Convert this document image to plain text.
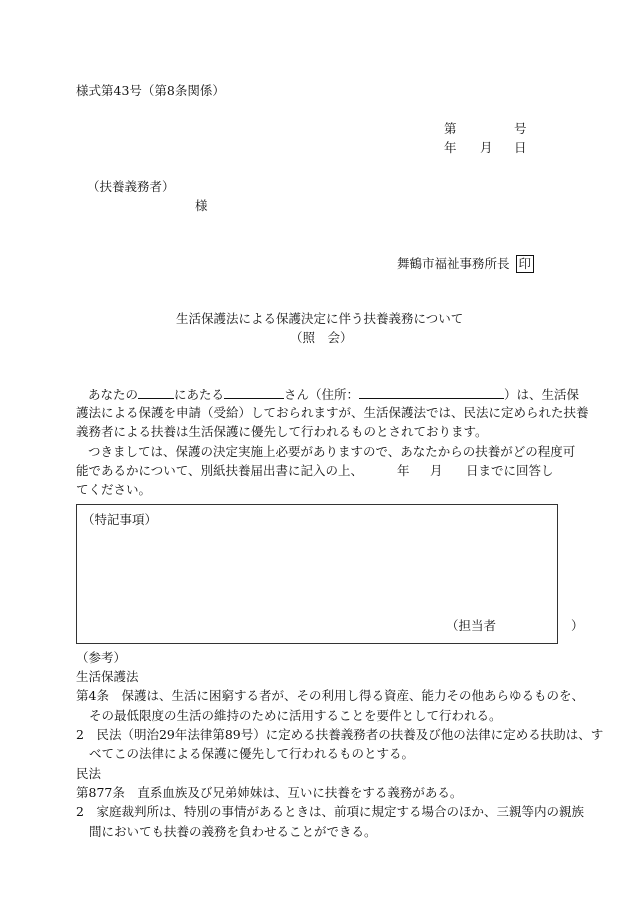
様式第43号（第8条関係）
第	号
年 月 日
（扶養義務者）
様
舞鶴市福祉事務所長 印
生活保護法による保護決定に伴う扶養義務について
（照　会）
あなたの	にあたる	さん（住所：	）は、生活保
護法による保護を申請（受給）しておられますが、生活保護法では、民法に定められた扶養
義務者による扶養は生活保護に優先して行われるものとされております。
つきましては、保護の決定実施上必要がありますので、あなたからの扶養がどの程度可
能であるかについて、別紙扶養届出書に記入の上、	年 月 日までに回答し
てください。
（特記事項）
（担当者　　　　　　）
（参考）
生活保護法
第4条　保護は、生活に困窮する者が、その利用し得る資産、能力その他あらゆるものを、
その最低限度の生活の維持のために活用することを要件として行われる。
2　民法（明治29年法律第89号）に定める扶養義務者の扶養及び他の法律に定める扶助は、す
べてこの法律による保護に優先して行われるものとする。
民法
第877条　直系血族及び兄弟姉妹は、互いに扶養をする義務がある。
2　家庭裁判所は、特別の事情があるときは、前項に規定する場合のほか、三親等内の親族
間においても扶養の義務を負わせることができる。
